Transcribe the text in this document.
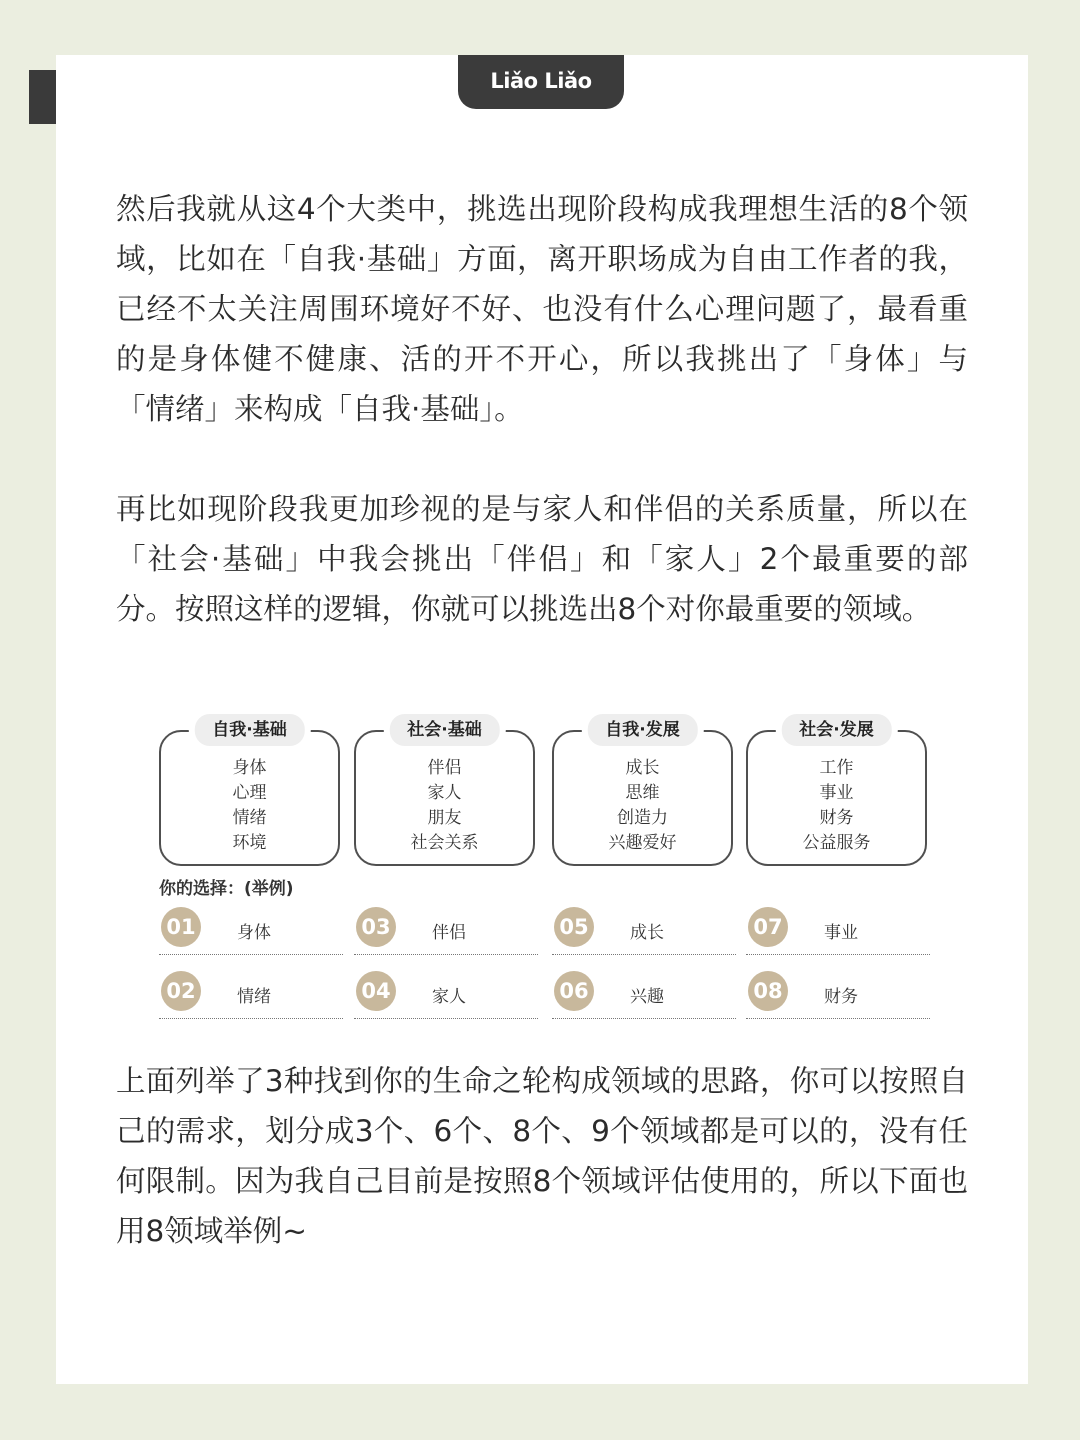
Liǎo Liǎo

然后我就从这4个大类中，挑选出现阶段构成我理想生活的8个领域，比如在「自我·基础」方面，离开职场成为自由工作者的我，已经不太关注周围环境好不好、也没有什么心理问题了，最看重的是身体健不健康、活的开不开心，所以我挑出了「身体」与「情绪」来构成「自我·基础」。

再比如现阶段我更加珍视的是与家人和伴侣的关系质量，所以在「社会·基础」中我会挑出「伴侣」和「家人」2个最重要的部分。按照这样的逻辑，你就可以挑选出8个对你最重要的领域。

自我·基础
身体
心理
情绪
环境
社会·基础
伴侣
家人
朋友
社会关系
自我·发展
成长
思维
创造力
兴趣爱好
社会·发展
工作
事业
财务
公益服务
你的选择：(举例)
01	身体
02	情绪
03	伴侣
04	家人
05	成长
06	兴趣
07	事业
08	财务

上面列举了3种找到你的生命之轮构成领域的思路，你可以按照自己的需求，划分成3个、6个、8个、9个领域都是可以的，没有任何限制。因为我自己目前是按照8个领域评估使用的，所以下面也用8领域举例~
